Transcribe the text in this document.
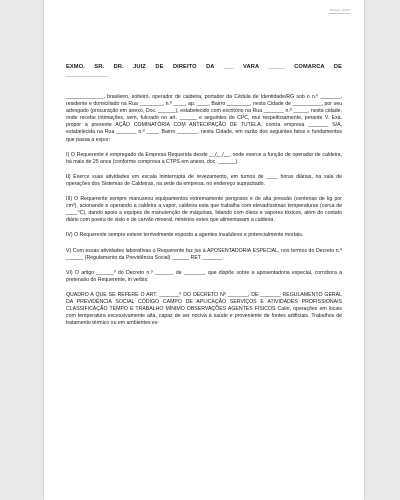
Modelo: 0000
EXMO. SR. DR. JUIZ DE DIREITO DA ___ VARA _____ COMARCA DE
_____________

_____________, brasileiro, solteiro, operador de caldeira, portador da Cédula de Identidade/RG sob o n.º _______, residente e domiciliado na Rua ________, n.º ____, ap. ____, Bairro ________, nesta Cidade de __________, por seu advogado (procuração em anexo, Doc. ______), estabelecido com escritório na Rua _______ n.º _____, nesta cidade, onde recebe intimações, vem, fulcrado no art. ______ e seguintes do CPC, mui respeitosamente, perante V. Exa. propor a presente AÇÃO COMINATÓRIA COM ANTECIPAÇÃO DE TUTELA, contra empresa _______ S/A, estabelecida na Rua _______ n.º ____, Bairro _______, nesta Cidade, em razão dos seguintes fatos e fundamentos que passa a expor:

I) O Requerente é empregado da Empresa Requerida desde __/__/__, onde exerce a função de operador de caldeira, há mais de 25 anos (conforme comprova a CTPS em anexo, doc. ______).

II) Exerce suas atividades em escala ininterrupta de revezamento, em turnos de ____ horas diárias, na sala de operações dos Sistemas de Caldeiras, na sede da empresa, no endereço supracitado.

III) O Requerente sempre manuseou equipamentos extremamente perigosos e de alta pressão (centenas de kg por cm²), acionando e operando a caldeira a vapor, caldeira esta que trabalha com elevadíssimas temperaturas (cerca de ____°C), dando apoio a equipes de manutenção de máquinas, lidando com óleos e vapores tóxicos, além do contato diário com poeira de xisto e de carvão mineral, minérios estes que alimentavam a caldeira.

IV) O Requerente sempre esteve terrivelmente exposto a agentes insalubres e potencialmente mortais.

V) Com essas atividades laboratívas o Requerente faz jus à APOSENTADORIA ESPECIAL, nos termos do Decreto n.º ______ (Regulamento da Previdência Social) ______ RET _______.

VI) O artigo ______º do Decreto n.º ______, de _______, que dispõe sobre a aposentadoria especial, corrobora a pretensão do Requerente, in verbis:

QUADRO A QUE SE REFERE O ART. _______º DO DECRETO Nº _______, DE _______ REGULAMENTO GERAL DA PREVIDÊNCIA SOCIAL CÓDIGO CAMPO DE APLICAÇÃO SERVIÇOS E ATIVIDADES PROFISSIONAIS CLASSIFICAÇÃO TEMPO E TRABALHO MÍNIMO OBSERVAÇÕES AGENTES FÍSICOS Calor, operações em locais com temperatura excessivamente alta, capaz de ser nociva à saúde e proveniente de fontes artificiais. Trabalhos de tratamento térmico ou em ambientes ex-
